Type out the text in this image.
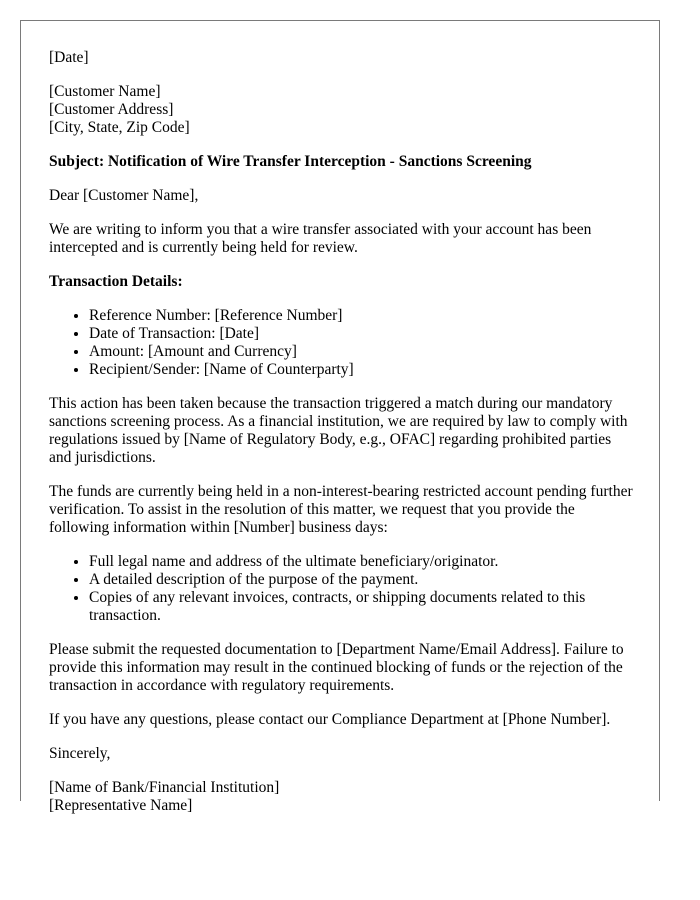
[Date]

[Customer Name]
[Customer Address]
[City, State, Zip Code]

Subject: Notification of Wire Transfer Interception - Sanctions Screening

Dear [Customer Name],

We are writing to inform you that a wire transfer associated with your account has been intercepted and is currently being held for review.

Transaction Details:

• Reference Number: [Reference Number]
• Date of Transaction: [Date]
• Amount: [Amount and Currency]
• Recipient/Sender: [Name of Counterparty]

This action has been taken because the transaction triggered a match during our mandatory sanctions screening process. As a financial institution, we are required by law to comply with regulations issued by [Name of Regulatory Body, e.g., OFAC] regarding prohibited parties and jurisdictions.

The funds are currently being held in a non-interest-bearing restricted account pending further verification. To assist in the resolution of this matter, we request that you provide the following information within [Number] business days:

• Full legal name and address of the ultimate beneficiary/originator.
• A detailed description of the purpose of the payment.
• Copies of any relevant invoices, contracts, or shipping documents related to this transaction.

Please submit the requested documentation to [Department Name/Email Address]. Failure to provide this information may result in the continued blocking of funds or the rejection of the transaction in accordance with regulatory requirements.

If you have any questions, please contact our Compliance Department at [Phone Number].

Sincerely,

[Name of Bank/Financial Institution]
[Representative Name]
